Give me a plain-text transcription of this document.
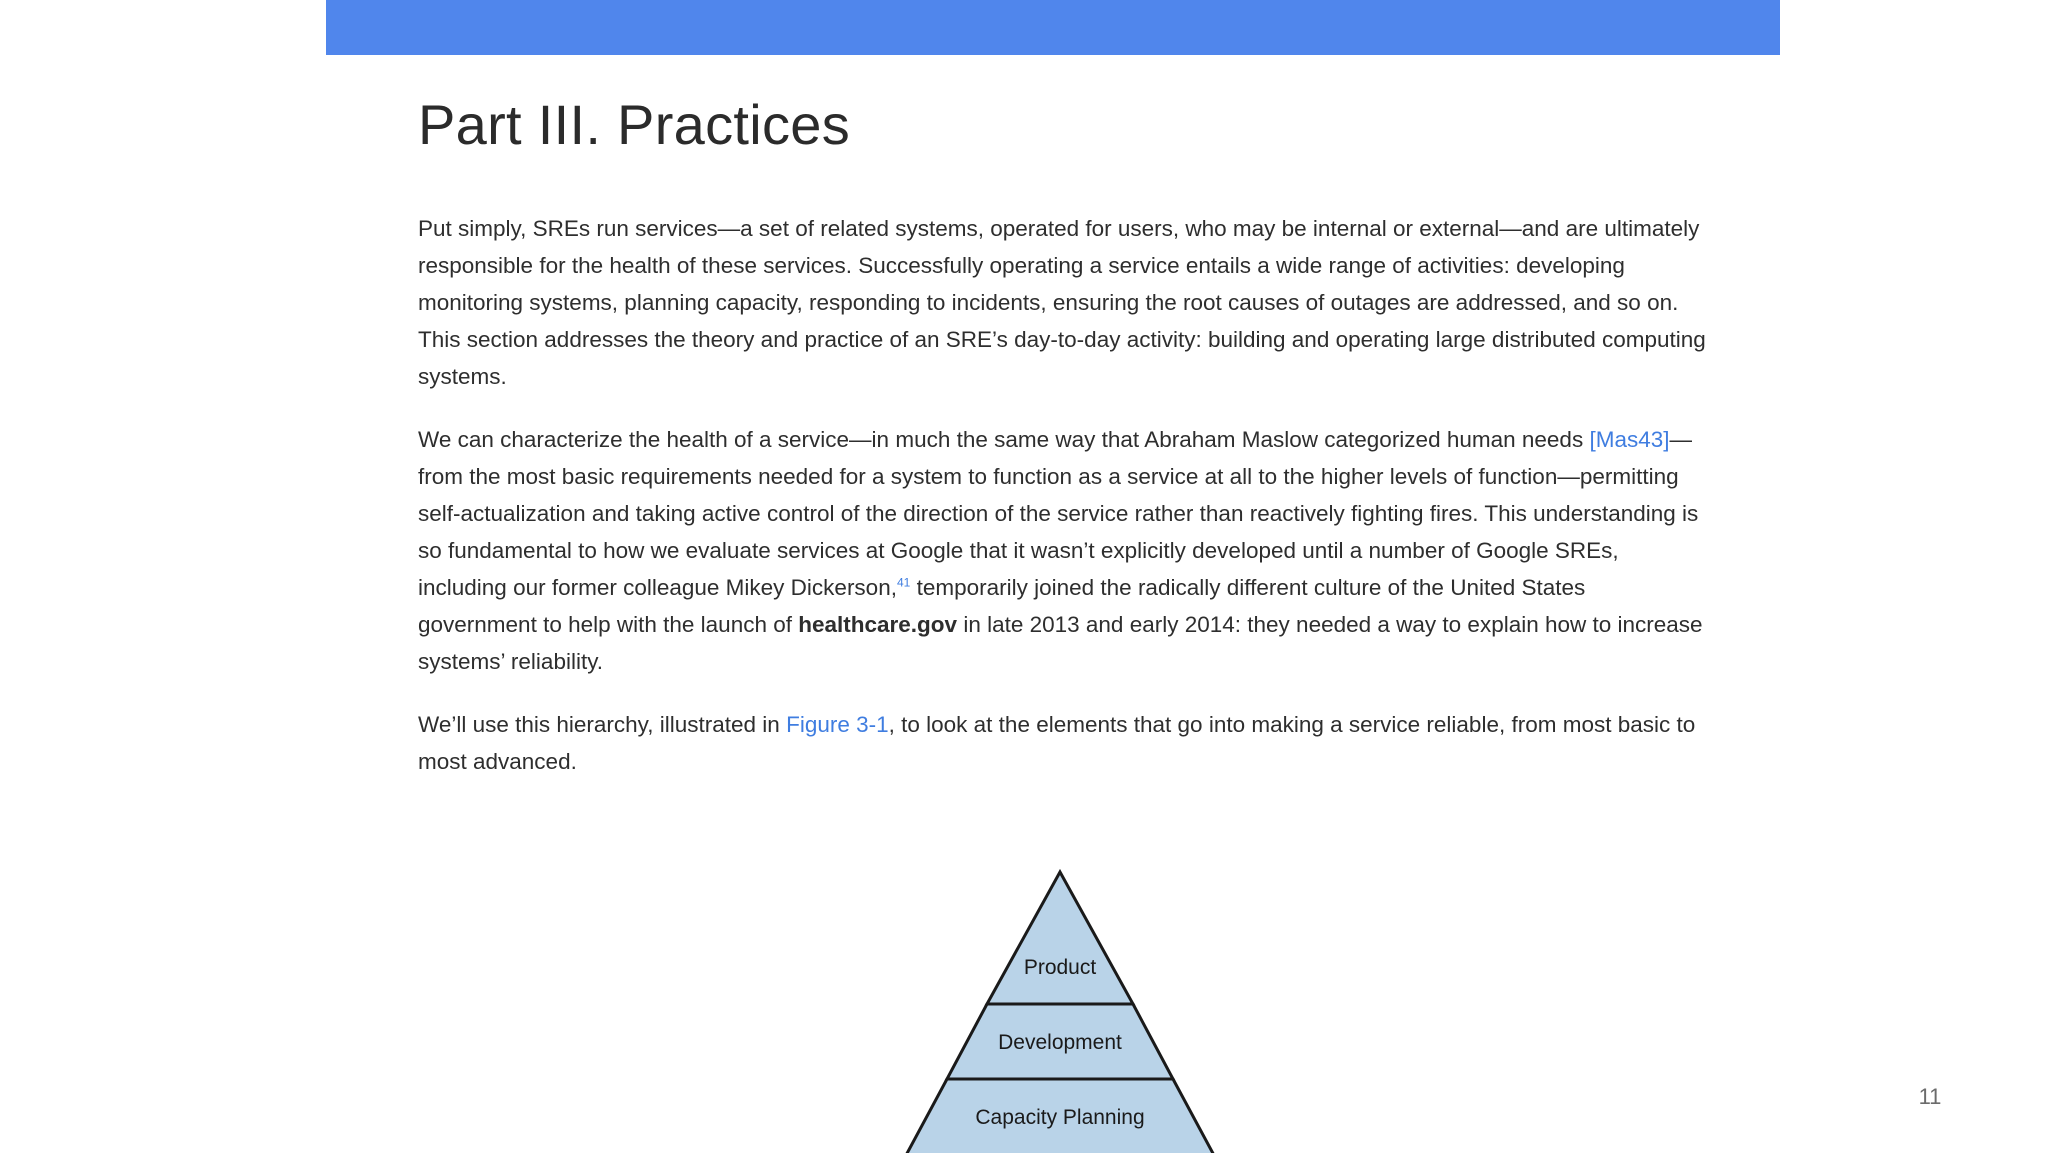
Part III. Practices

Put simply, SREs run services—a set of related systems, operated for users, who may be internal or external—and are ultimately responsible for the health of these services. Successfully operating a service entails a wide range of activities: developing monitoring systems, planning capacity, responding to incidents, ensuring the root causes of outages are addressed, and so on. This section addresses the theory and practice of an SRE’s day-to-day activity: building and operating large distributed computing systems.

We can characterize the health of a service—in much the same way that Abraham Maslow categorized human needs [Mas43]—from the most basic requirements needed for a system to function as a service at all to the higher levels of function—permitting self-actualization and taking active control of the direction of the service rather than reactively fighting fires. This understanding is so fundamental to how we evaluate services at Google that it wasn’t explicitly developed until a number of Google SREs, including our former colleague Mikey Dickerson,$^{41}$ temporarily joined the radically different culture of the United States government to help with the launch of healthcare.gov in late 2013 and early 2014: they needed a way to explain how to increase systems’ reliability.

We’ll use this hierarchy, illustrated in Figure 3-1, to look at the elements that go into making a service reliable, from most basic to most advanced.

Product
Development
Capacity Planning
11
